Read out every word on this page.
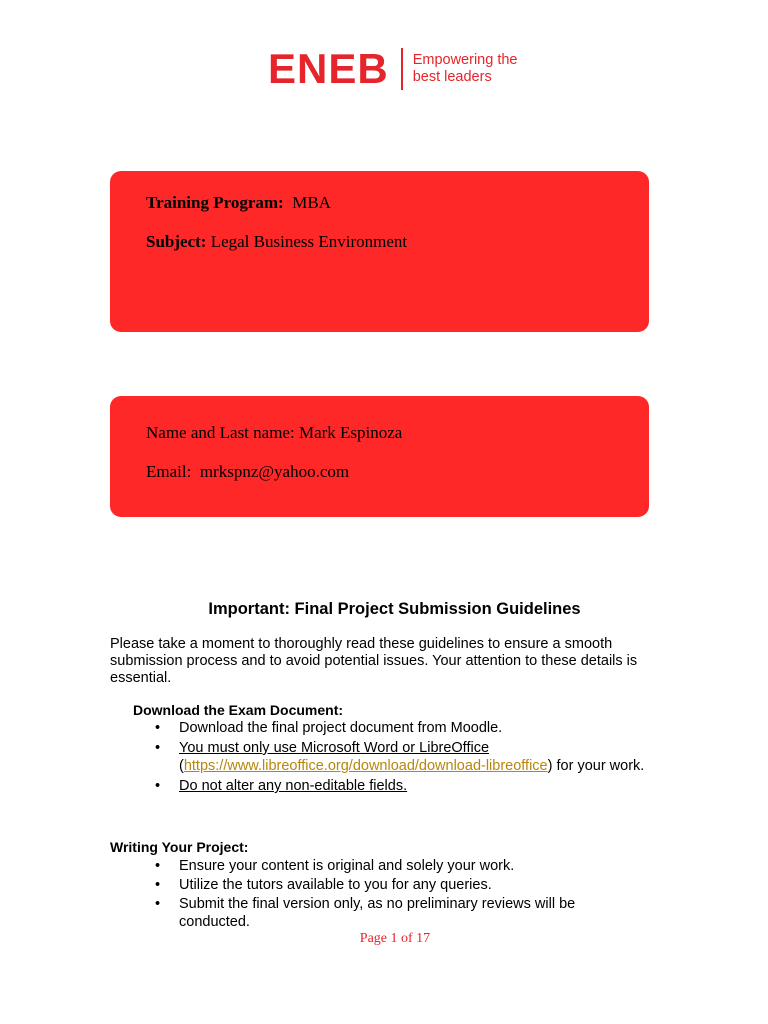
ENEB Empowering the
best leaders
Training Program: MBA
Subject: Legal Business Environment
Name and Last name: Mark Espinoza
Email: mrkspnz@yahoo.com
Important: Final Project Submission Guidelines
Please take a moment to thoroughly read these guidelines to ensure a smooth submission process and to avoid potential issues. Your attention to these details is essential.
Download the Exam Document:
• Download the final project document from Moodle.
• You must only use Microsoft Word or LibreOffice
(https://www.libreoffice.org/download/download-libreoffice) for your work.
• Do not alter any non-editable fields.
Writing Your Project:
• Ensure your content is original and solely your work.
• Utilize the tutors available to you for any queries.
• Submit the final version only, as no preliminary reviews will be conducted.
Page 1 of 17
